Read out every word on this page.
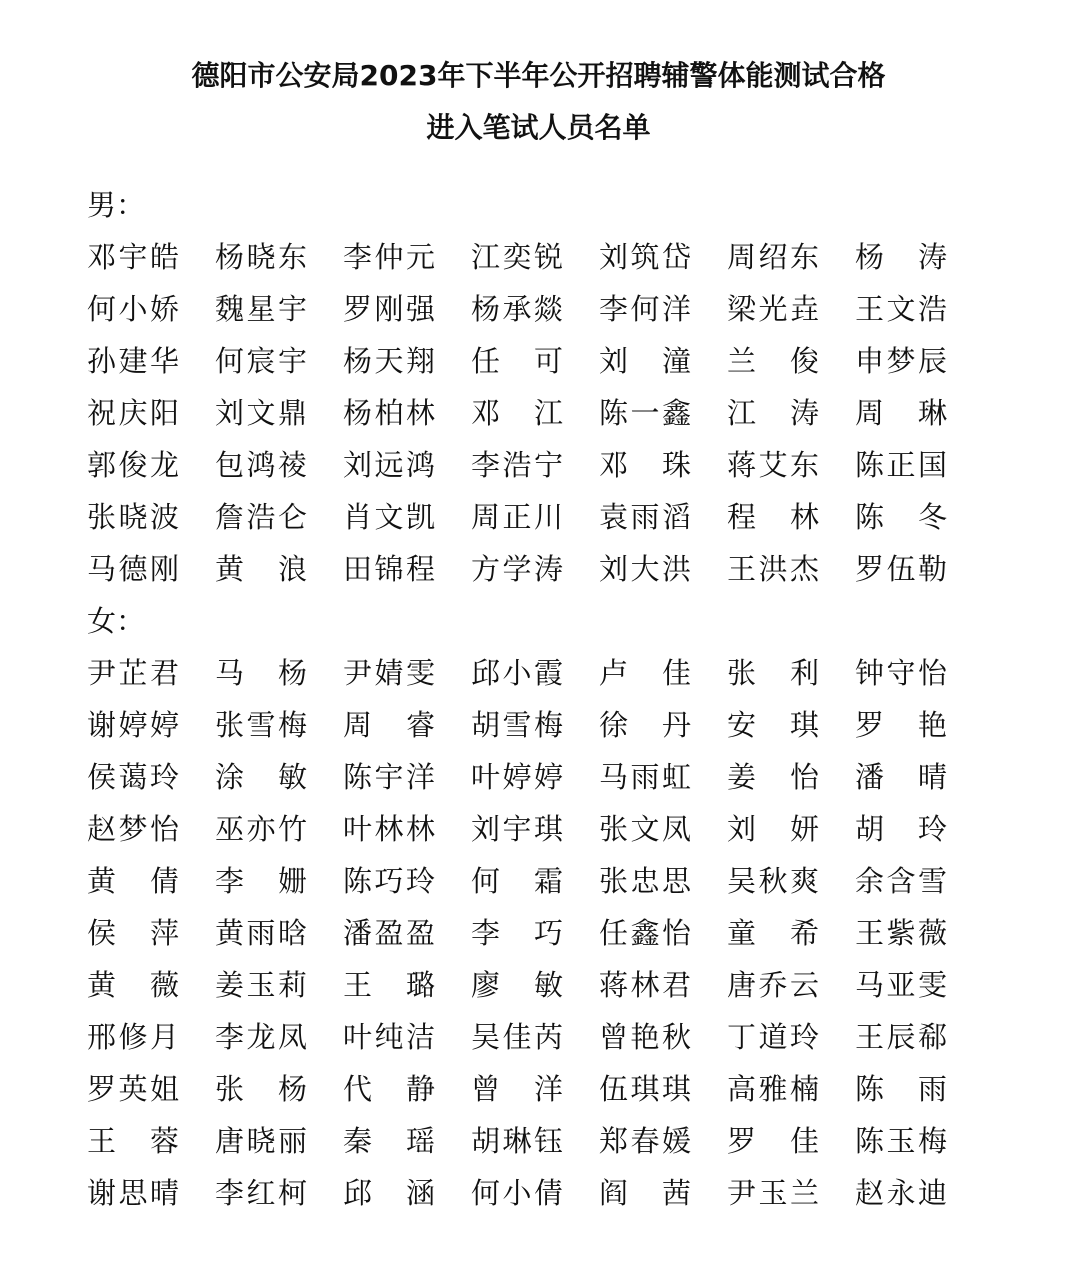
德阳市公安局2023年下半年公开招聘辅警体能测试合格
进入笔试人员名单
男：
邓宇皓	杨晓东	李仲元	江奕锐	刘筑岱	周绍东	杨 涛
何小娇	魏星宇	罗刚强	杨承燚	李何洋	梁光垚	王文浩
孙建华	何宸宇	杨天翔	任 可	刘 潼	兰 俊	申梦辰
祝庆阳	刘文鼎	杨柏林	邓 江	陈一鑫	江 涛	周 琳
郭俊龙	包鸿祾	刘远鸿	李浩宁	邓 珠	蒋艾东	陈正国
张晓波	詹浩仑	肖文凯	周正川	袁雨滔	程 林	陈 冬
马德刚	黄 浪	田锦程	方学涛	刘大洪	王洪杰	罗伍勒
女：
尹芷君	马 杨	尹婧雯	邱小霞	卢 佳	张 利	钟守怡
谢婷婷	张雪梅	周 睿	胡雪梅	徐 丹	安 琪	罗 艳
侯蔼玲	涂 敏	陈宇洋	叶婷婷	马雨虹	姜 怡	潘 晴
赵梦怡	巫亦竹	叶林林	刘宇琪	张文凤	刘 妍	胡 玲
黄 倩	李 姗	陈巧玲	何 霜	张忠思	吴秋爽	余含雪
侯 萍	黄雨晗	潘盈盈	李 巧	任鑫怡	童 希	王紫薇
黄 薇	姜玉莉	王 璐	廖 敏	蒋林君	唐乔云	马亚雯
邢修月	李龙凤	叶纯洁	吴佳芮	曾艳秋	丁道玲	王辰郗
罗英姐	张 杨	代 静	曾 洋	伍琪琪	高雅楠	陈 雨
王 蓉	唐晓丽	秦 瑶	胡琳钰	郑春媛	罗 佳	陈玉梅
谢思晴	李红柯	邱 涵	何小倩	阎 茜	尹玉兰	赵永迪
